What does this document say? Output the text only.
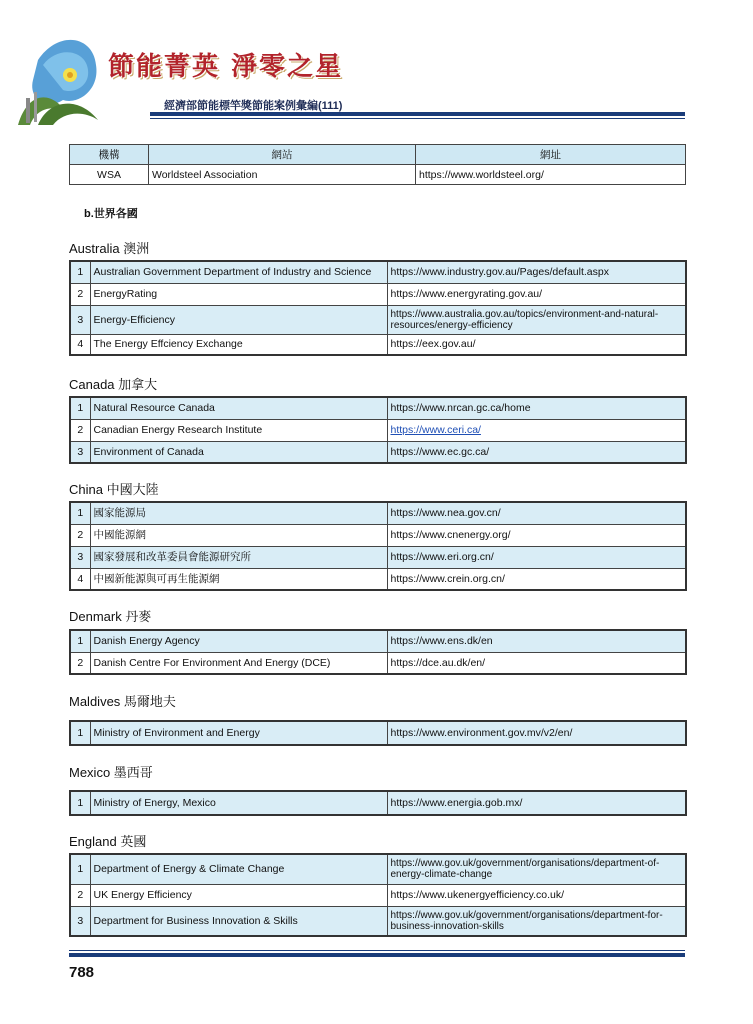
節能菁英 淨零之星
經濟部節能標竿獎節能案例彙編(111)
機構	網站	網址
WSA	Worldsteel Association	https://www.worldsteel.org/
b.世界各國
Australia 澳洲
1	Australian Government Department of Industry and Science	https://www.industry.gov.au/Pages/default.aspx
2	EnergyRating	https://www.energyrating.gov.au/
3	Energy-Efficiency	https://www.australia.gov.au/topics/environment-and-natural-resources/energy-efficiency
4	The Energy Effciency Exchange	https://eex.gov.au/
Canada 加拿大
1	Natural Resource Canada	https://www.nrcan.gc.ca/home
2	Canadian Energy Research Institute	https://www.ceri.ca/
3	Environment of Canada	https://www.ec.gc.ca/
China 中國大陸
1	國家能源局	https://www.nea.gov.cn/
2	中國能源網	https://www.cnenergy.org/
3	國家發展和改革委員會能源研究所	https://www.eri.org.cn/
4	中國新能源與可再生能源網	https://www.crein.org.cn/
Denmark 丹麥
1	Danish Energy Agency	https://www.ens.dk/en
2	Danish Centre For Environment And Energy (DCE)	https://dce.au.dk/en/
Maldives 馬爾地夫
1	Ministry of Environment and Energy	https://www.environment.gov.mv/v2/en/
Mexico 墨西哥
1	Ministry of Energy, Mexico	https://www.energia.gob.mx/
England 英國
1	Department of Energy & Climate Change	https://www.gov.uk/government/organisations/department-of-energy-climate-change
2	UK Energy Efficiency	https://www.ukenergyefficiency.co.uk/
3	Department for Business Innovation & Skills	https://www.gov.uk/government/organisations/department-for-business-innovation-skills
788
